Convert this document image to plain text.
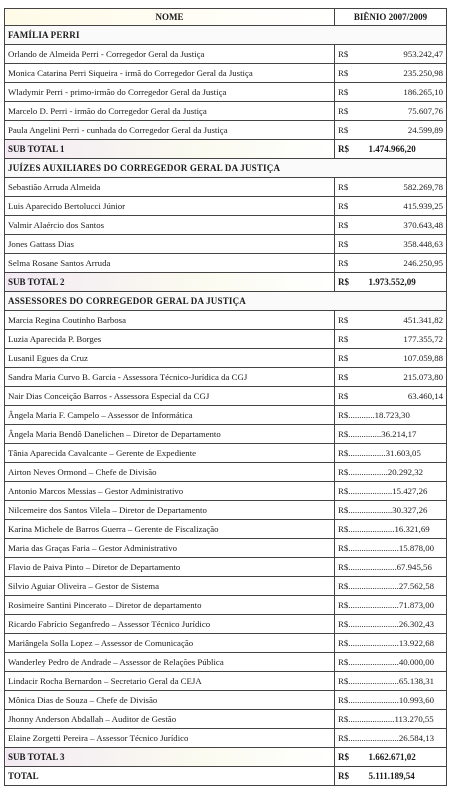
NOME	BIÊNIO 2007/2009	
FAMÍLIA PERRI		
Orlando de Almeida Perri - Corregedor Geral da Justiça	R$	953.242,47
Monica Catarina Perri Siqueira - irmã do Corregedor Geral da Justiça	R$	235.250,98
Wladymir Perri - primo-irmão do Corregedor Geral da Justiça	R$	186.265,10
Marcelo D. Perri - irmão do Corregedor Geral da Justiça	R$	75.607,76
Paula Angelini Perri - cunhada do Corregedor Geral da Justiça	R$	24.599,89
SUB TOTAL 1	R$	1.474.966,20
JUÍZES AUXILIARES DO CORREGEDOR GERAL DA JUSTIÇA		
Sebastião Arruda Almeida	R$	582.269,78
Luis Aparecido Bertolucci Júnior	R$	415.939,25
Valmir Alaércio dos Santos	R$	370.643,48
Jones Gattass Dias	R$	358.448,63
Selma Rosane Santos Arruda	R$	246.250,95
SUB TOTAL 2	R$	1.973.552,09
ASSESSORES DO CORREGEDOR GERAL DA JUSTIÇA		
Marcia Regina Coutinho Barbosa	R$	451.341,82
Luzia Aparecida P. Borges	R$	177.355,72
Lusanil Egues da Cruz	R$	107.059,88
Sandra Maria Curvo B. Garcia - Assessora Técnico-Jurídica da CGJ	R$	215.073,80
Nair Dias Conceição Barros - Assessora Especial da CGJ	R$	63.460,14
Ângela Maria F. Campelo – Assessor de Informática	R$............18.723,30	
Ângela Maria Bendô Danelichen – Diretor de Departamento	R$...............36.214,17	
Tânia Aparecida Cavalcante – Gerente de Expediente	R$.................31.603,05	
Airton Neves Ormond – Chefe de Divisão	R$..................20.292,32	
Antonio Marcos Messias – Gestor Administrativo	R$....................15.427,26	
Nilcemeire dos Santos Vilela – Diretor de Departamento	R$....................30.327,26	
Karina Michele de Barros Guerra – Gerente de Fiscalização	R$.....................16.321,69	
Maria das Graças Faria – Gestor Administrativo	R$.......................15.878,00	
Flavio de Paiva Pinto – Diretor de Departamento	R$......................67.945,56	
Silvio Aguiar Oliveira – Gestor de Sistema	R$.......................27.562,58	
Rosimeire Santini Pincerato – Diretor de departamento	R$.......................71.873,00	
Ricardo Fabrício Seganfredo – Assessor Técnico Jurídico	R$.......................26.302,43	
Mariângela Solla Lopez – Assessor de Comunicação	R$.......................13.922,68	
Wanderley Pedro de Andrade – Assessor de Relações Pública	R$.......................40.000,00	
Lindacir Rocha Bernardon – Secretario Geral da CEJA	R$.......................65.138,31	
Mônica Dias de Souza – Chefe de Divisão	R$.......................10.993,60	
Jhonny Anderson Abdallah – Auditor de Gestão	R$.....................113.270,55	
Elaine Zorgetti Pereira – Assessor Técnico Jurídico	R$.......................26.584,13	
SUB TOTAL 3	R$	1.662.671,02
TOTAL	R$	5.111.189,54
